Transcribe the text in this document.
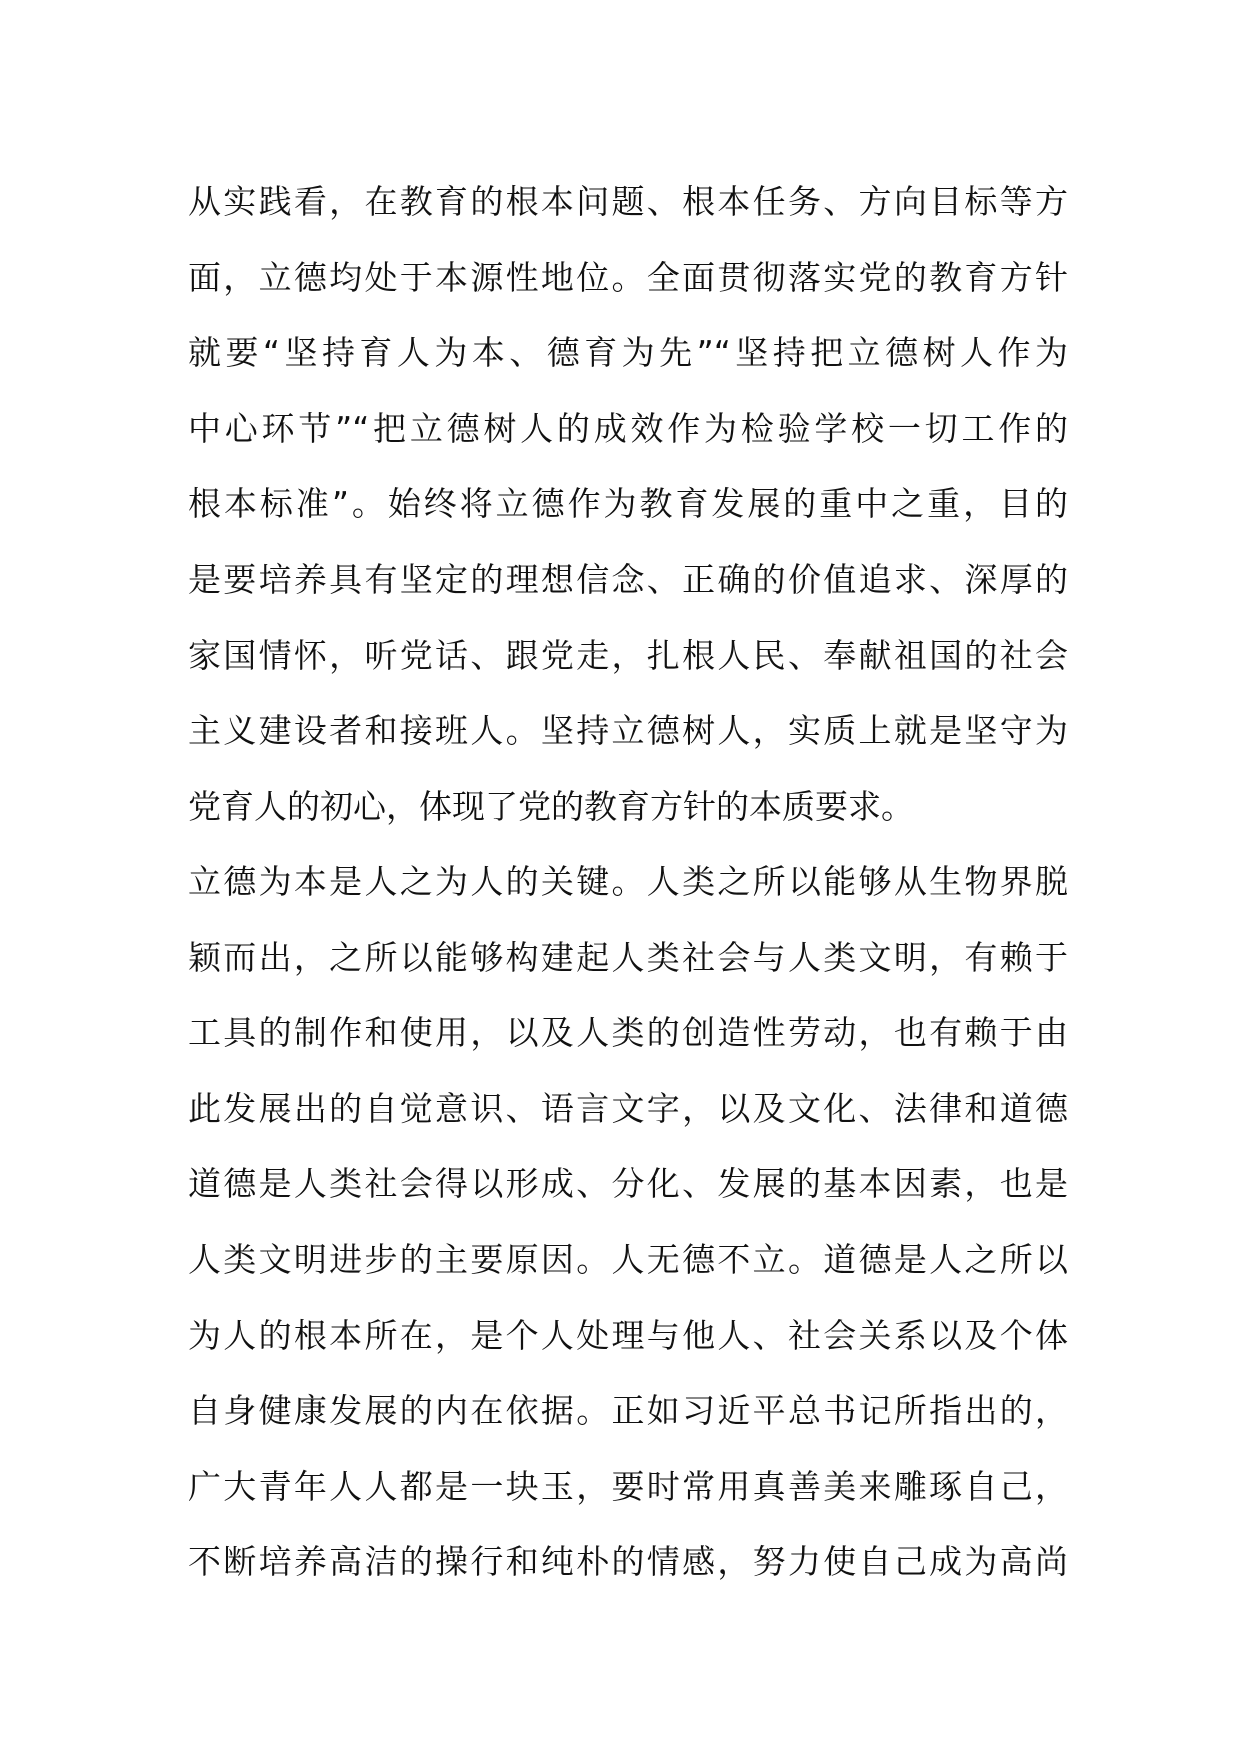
从实践看，在教育的根本问题、根本任务、方向目标等方
面，立德均处于本源性地位。全面贯彻落实党的教育方针
就要“坚持育人为本、德育为先”“坚持把立德树人作为
中心环节”“把立德树人的成效作为检验学校一切工作的
根本标准”。始终将立德作为教育发展的重中之重，目的
是要培养具有坚定的理想信念、正确的价值追求、深厚的
家国情怀，听党话、跟党走，扎根人民、奉献祖国的社会
主义建设者和接班人。坚持立德树人，实质上就是坚守为
党育人的初心，体现了党的教育方针的本质要求。
立德为本是人之为人的关键。人类之所以能够从生物界脱
颖而出，之所以能够构建起人类社会与人类文明，有赖于
工具的制作和使用，以及人类的创造性劳动，也有赖于由
此发展出的自觉意识、语言文字，以及文化、法律和道德
道德是人类社会得以形成、分化、发展的基本因素，也是
人类文明进步的主要原因。人无德不立。道德是人之所以
为人的根本所在，是个人处理与他人、社会关系以及个体
自身健康发展的内在依据。正如习近平总书记所指出的，
广大青年人人都是一块玉，要时常用真善美来雕琢自己，
不断培养高洁的操行和纯朴的情感，努力使自己成为高尚
